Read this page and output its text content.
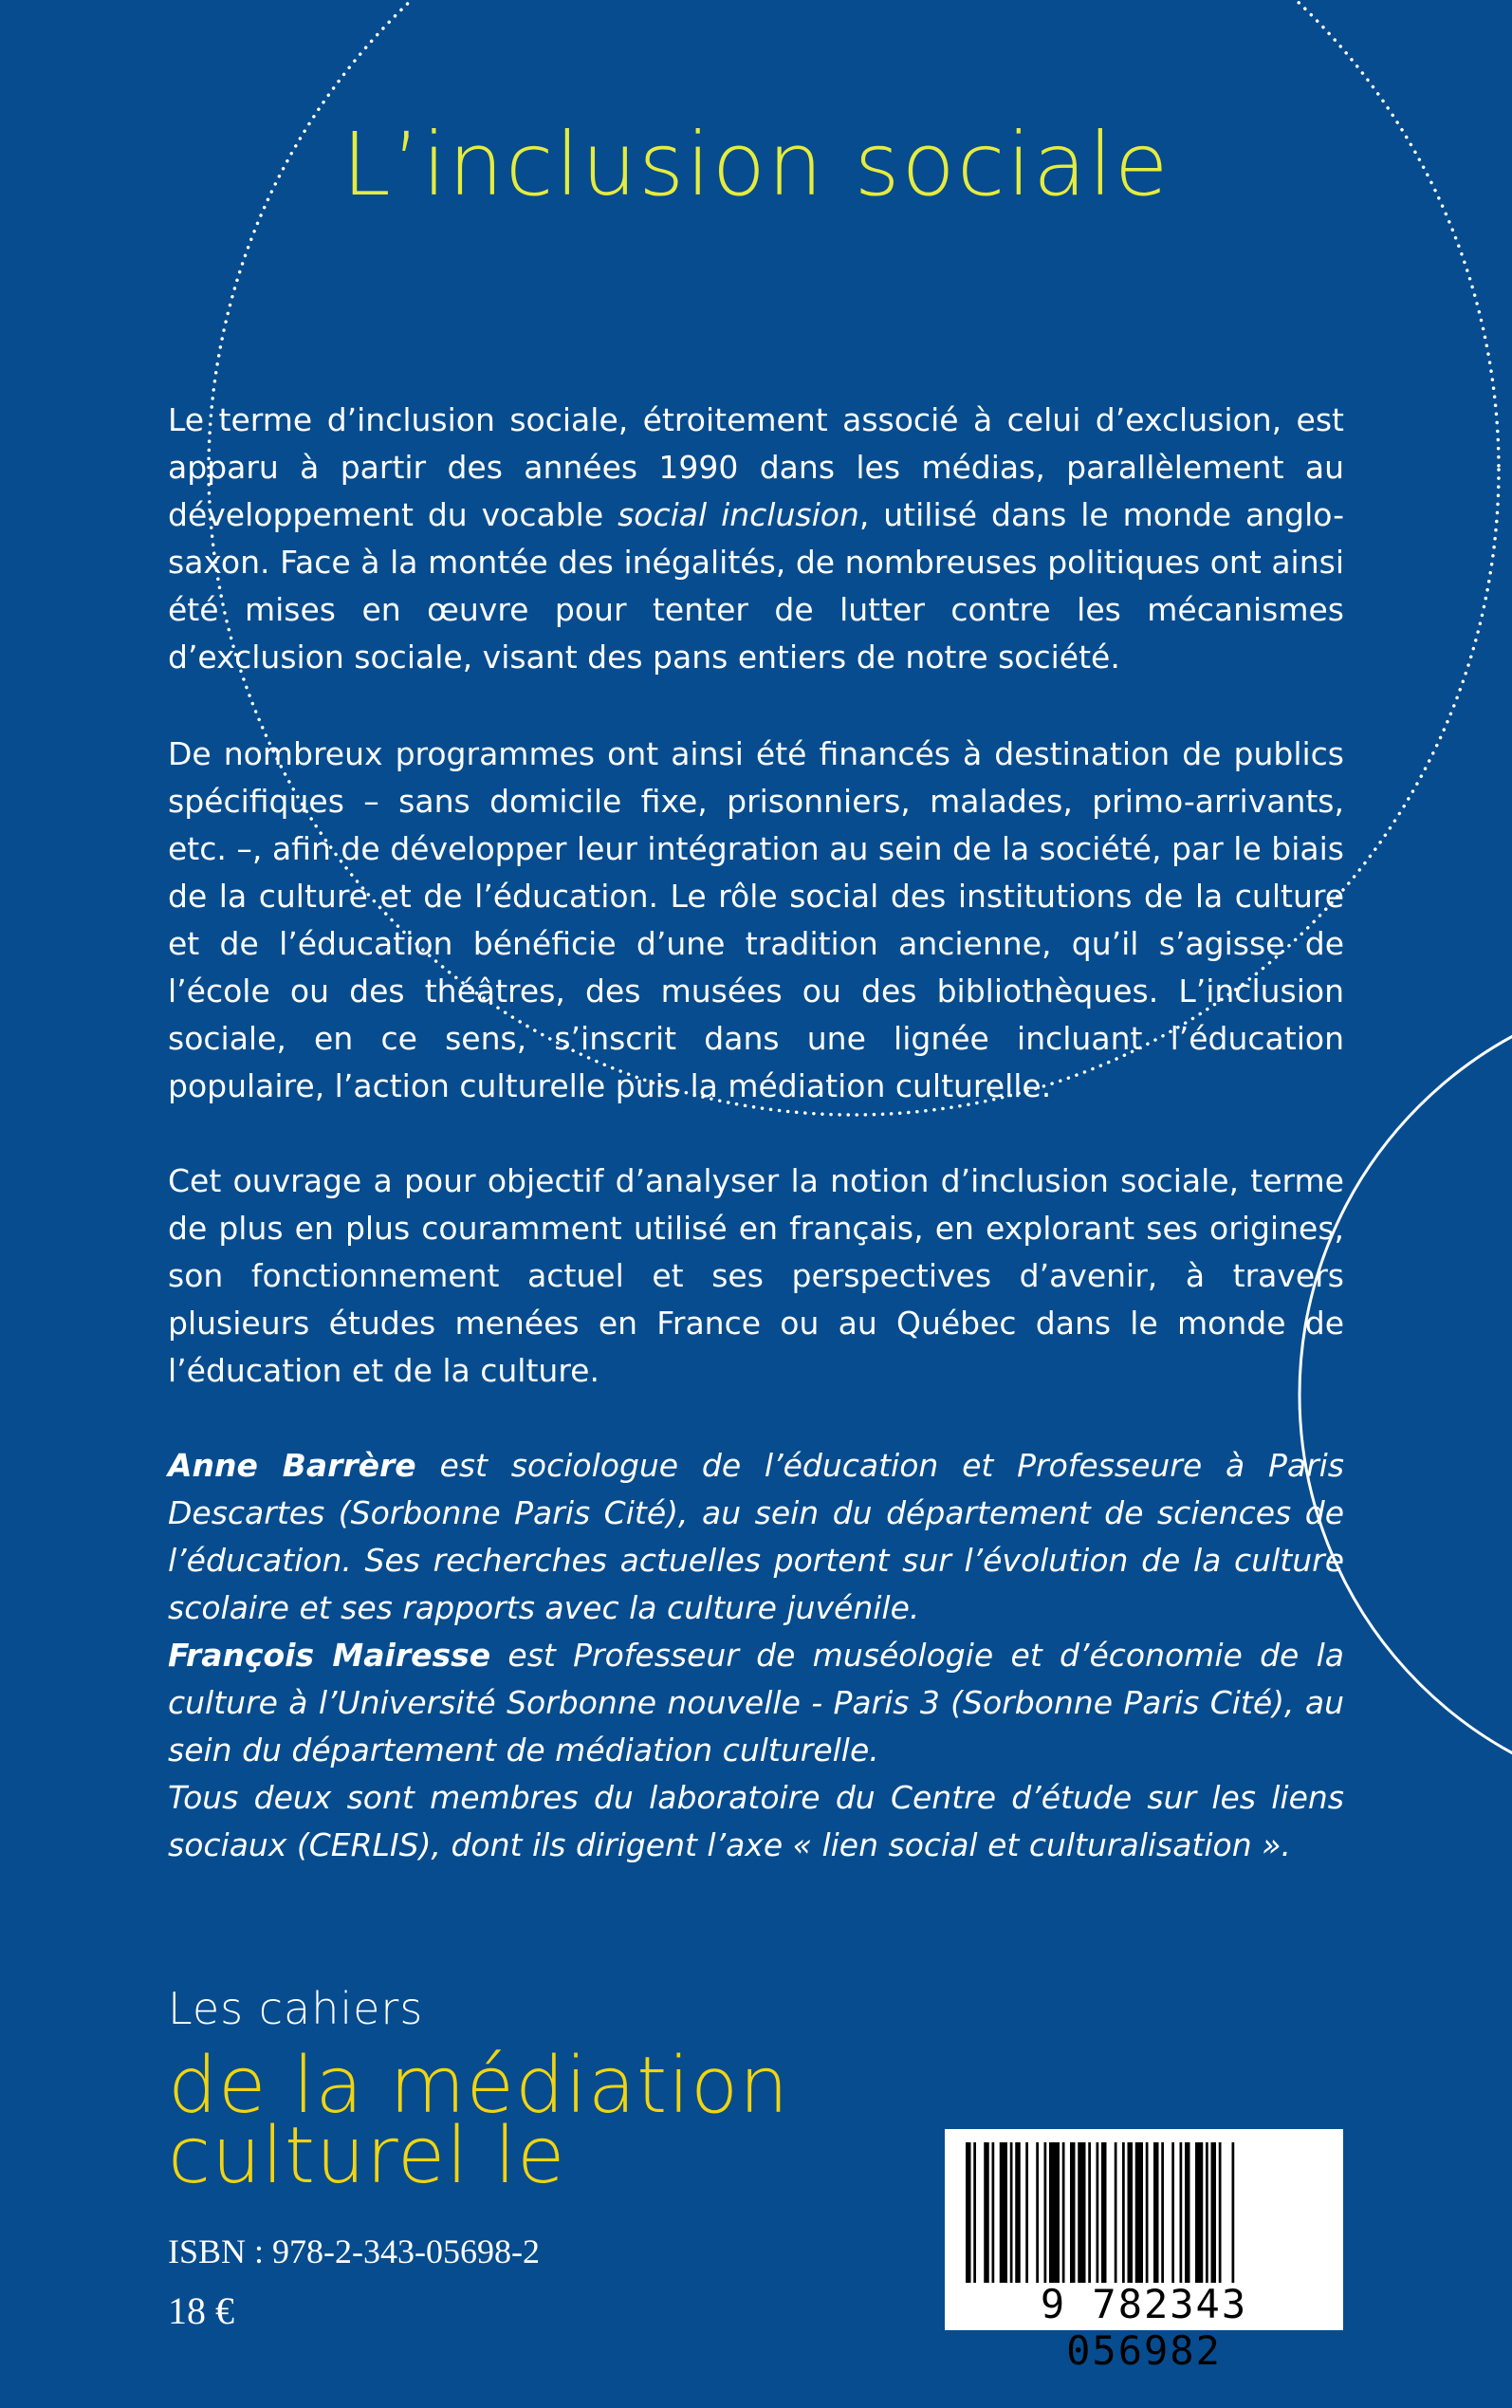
L’inclusion sociale

Le terme d’inclusion sociale, étroitement associé à celui d’exclusion, est apparu à partir des années 1990 dans les médias, parallèlement au développement du vocable social inclusion, utilisé dans le monde anglo-saxon. Face à la montée des inégalités, de nombreuses politiques ont ainsi été mises en œuvre pour tenter de lutter contre les mécanismes d’exclusion sociale, visant des pans entiers de notre société.

De nombreux programmes ont ainsi été financés à destination de publics spécifiques – sans domicile fixe, prisonniers, malades, primo-arrivants, etc. –, afin de développer leur intégration au sein de la société, par le biais de la culture et de l’éducation. Le rôle social des institutions de la culture et de l’éducation bénéficie d’une tradition ancienne, qu’il s’agisse de l’école ou des théâtres, des musées ou des bibliothèques. L’inclusion sociale, en ce sens, s’inscrit dans une lignée incluant l’éducation populaire, l’action culturelle puis la médiation culturelle.

Cet ouvrage a pour objectif d’analyser la notion d’inclusion sociale, terme de plus en plus couramment utilisé en français, en explorant ses origines, son fonctionnement actuel et ses perspectives d’avenir, à travers plusieurs études menées en France ou au Québec dans le monde de l’éducation et de la culture.

Anne Barrère est sociologue de l’éducation et Professeure à Paris Descartes (Sorbonne Paris Cité), au sein du département de sciences de l’éducation. Ses recherches actuelles portent sur l’évolution de la culture scolaire et ses rapports avec la culture juvénile.

François Mairesse est Professeur de muséologie et d’économie de la culture à l’Université Sorbonne nouvelle - Paris 3 (Sorbonne Paris Cité), au sein du département de médiation culturelle.

Tous deux sont membres du laboratoire du Centre d’étude sur les liens sociaux (CERLIS), dont ils dirigent l’axe « lien social et culturalisation ».

Les cahiers
de la médiation
culturel le
ISBN : 978-2-343-05698-2
18 €	9 782343 056982
